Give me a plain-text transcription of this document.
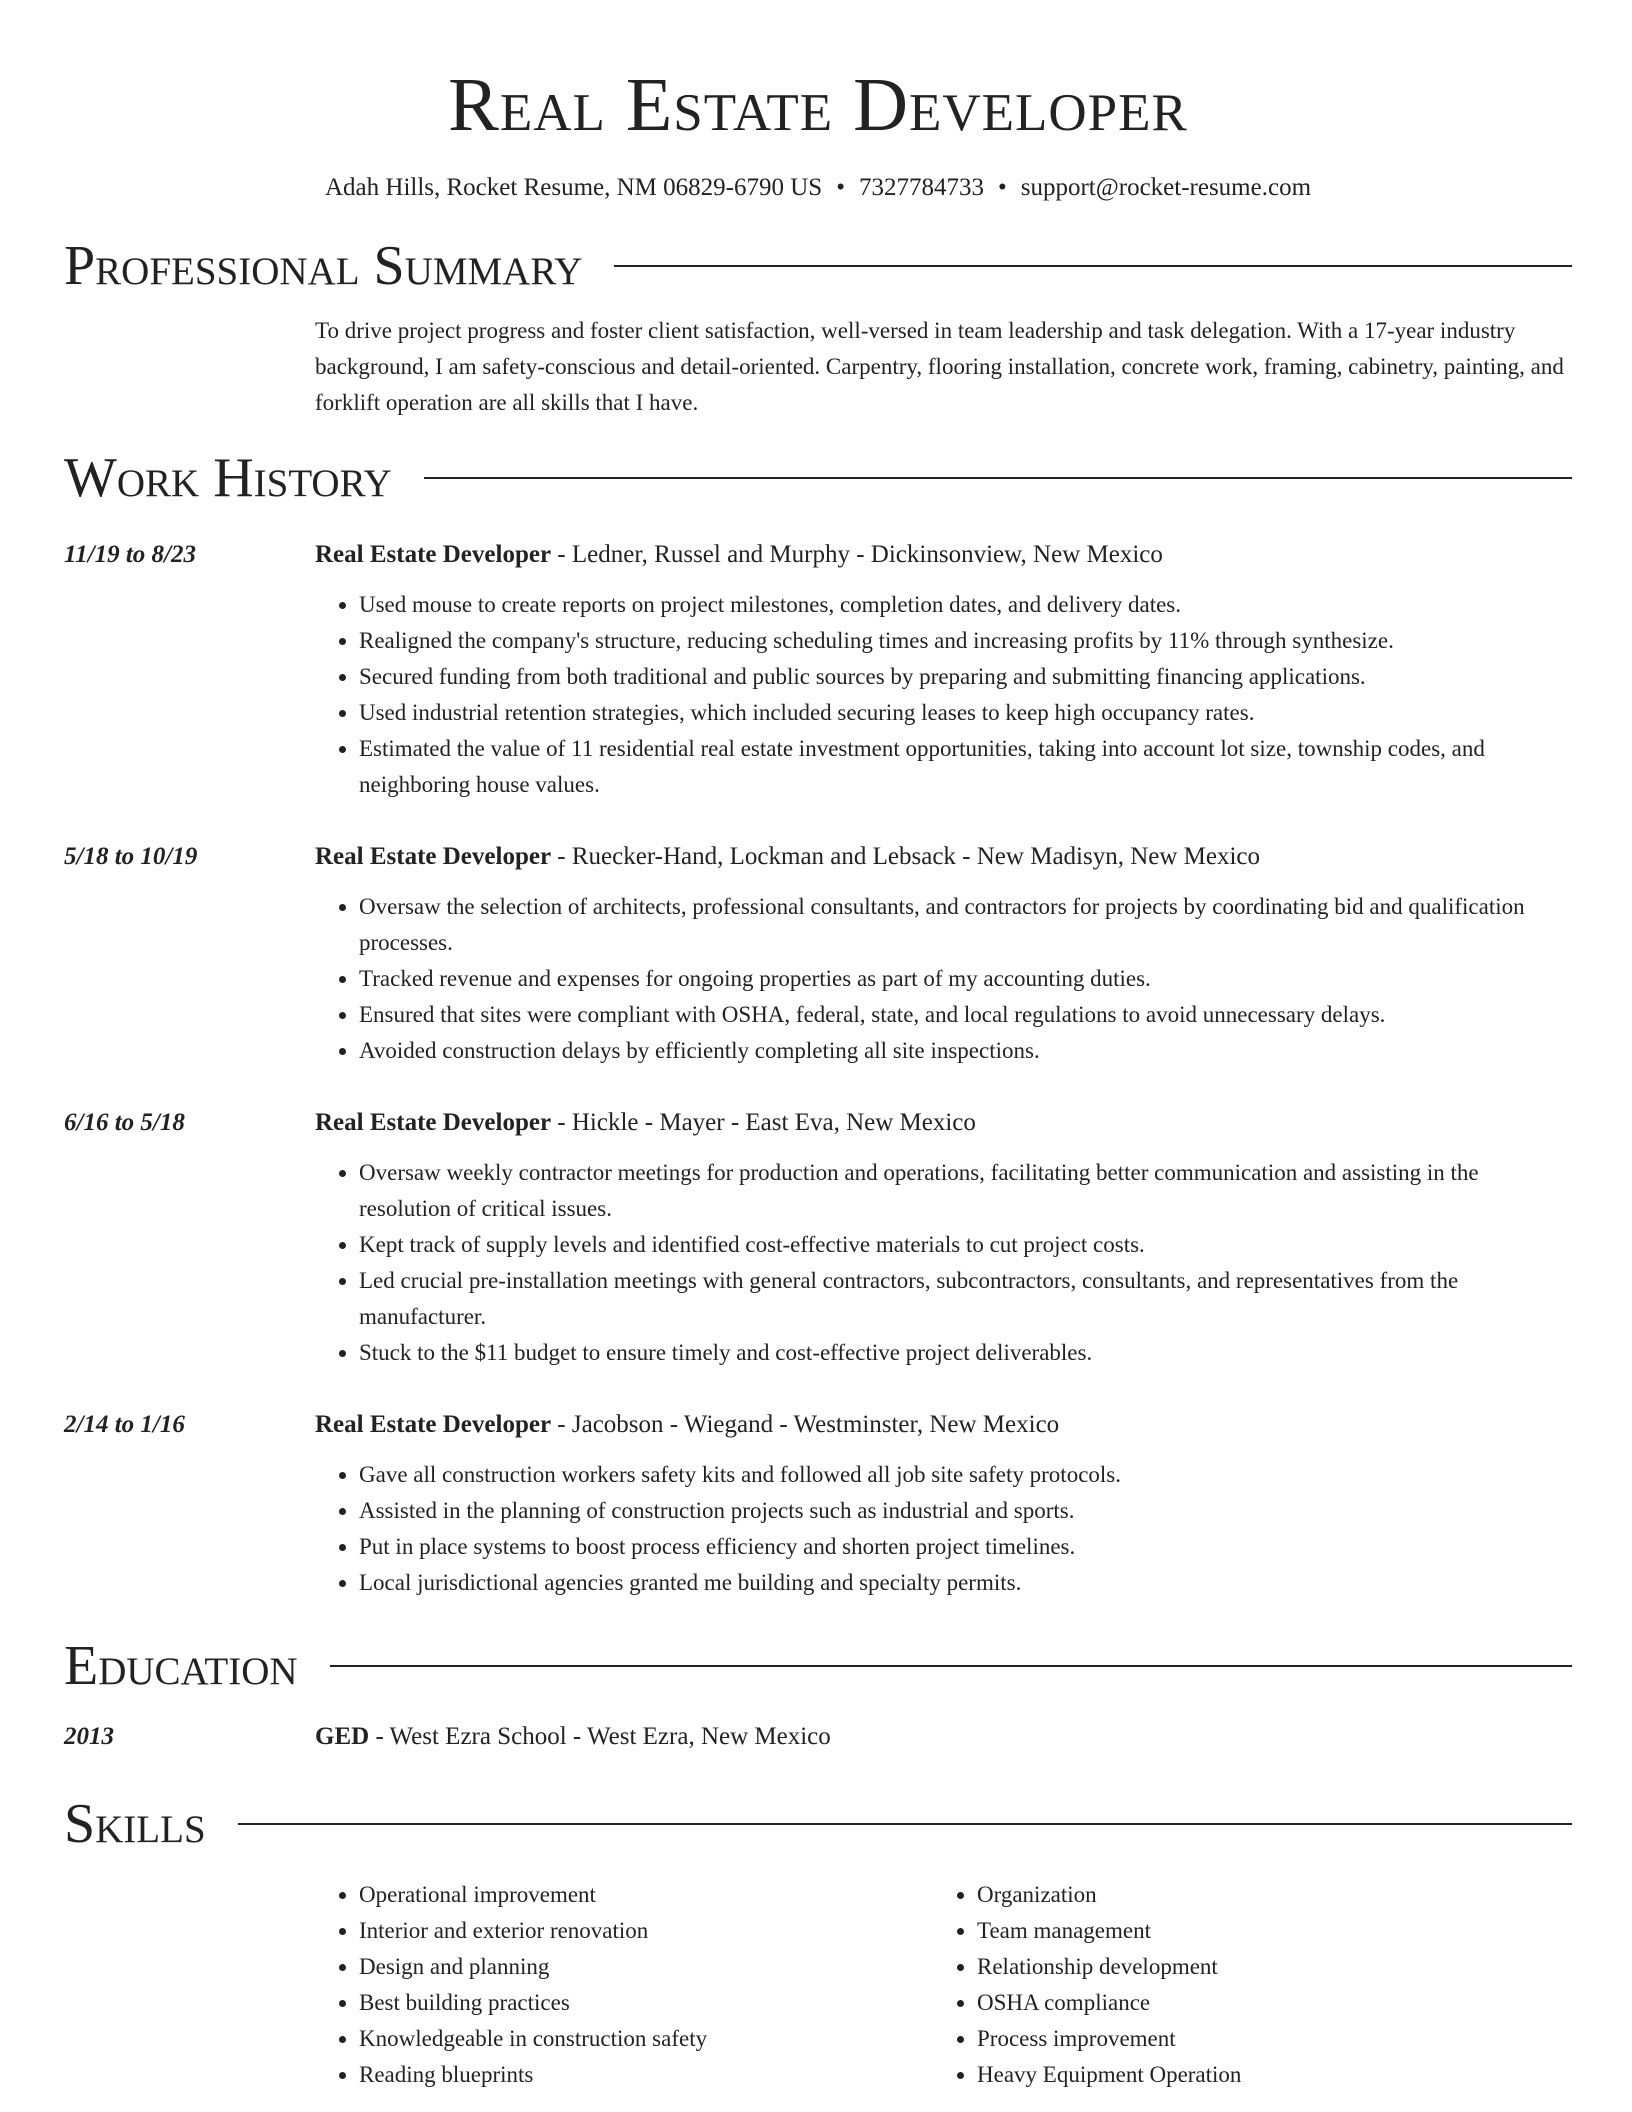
Real Estate Developer
Adah Hills, Rocket Resume, NM 06829-6790 US • 7327784733 • support@rocket-resume.com
Professional Summary
To drive project progress and foster client satisfaction, well-versed in team leadership and task delegation. With a 17-year industry background, I am safety-conscious and detail-oriented. Carpentry, flooring installation, concrete work, framing, cabinetry, painting, and forklift operation are all skills that I have.
Work History
11/19 to 8/23	Real Estate Developer - Ledner, Russel and Murphy - Dickinsonview, New Mexico
• Used mouse to create reports on project milestones, completion dates, and delivery dates.
• Realigned the company's structure, reducing scheduling times and increasing profits by 11% through synthesize.
• Secured funding from both traditional and public sources by preparing and submitting financing applications.
• Used industrial retention strategies, which included securing leases to keep high occupancy rates.
• Estimated the value of 11 residential real estate investment opportunities, taking into account lot size, township codes, and neighboring house values.
5/18 to 10/19	Real Estate Developer - Ruecker-Hand, Lockman and Lebsack - New Madisyn, New Mexico
• Oversaw the selection of architects, professional consultants, and contractors for projects by coordinating bid and qualification processes.
• Tracked revenue and expenses for ongoing properties as part of my accounting duties.
• Ensured that sites were compliant with OSHA, federal, state, and local regulations to avoid unnecessary delays.
• Avoided construction delays by efficiently completing all site inspections.
6/16 to 5/18	Real Estate Developer - Hickle - Mayer - East Eva, New Mexico
• Oversaw weekly contractor meetings for production and operations, facilitating better communication and assisting in the resolution of critical issues.
• Kept track of supply levels and identified cost-effective materials to cut project costs.
• Led crucial pre-installation meetings with general contractors, subcontractors, consultants, and representatives from the manufacturer.
• Stuck to the $11 budget to ensure timely and cost-effective project deliverables.
2/14 to 1/16	Real Estate Developer - Jacobson - Wiegand - Westminster, New Mexico
• Gave all construction workers safety kits and followed all job site safety protocols.
• Assisted in the planning of construction projects such as industrial and sports.
• Put in place systems to boost process efficiency and shorten project timelines.
• Local jurisdictional agencies granted me building and specialty permits.
Education
2013	GED - West Ezra School - West Ezra, New Mexico
Skills
• Operational improvement
• Interior and exterior renovation
• Design and planning
• Best building practices
• Knowledgeable in construction safety
• Reading blueprints
• Organization
• Team management
• Relationship development
• OSHA compliance
• Process improvement
• Heavy Equipment Operation
